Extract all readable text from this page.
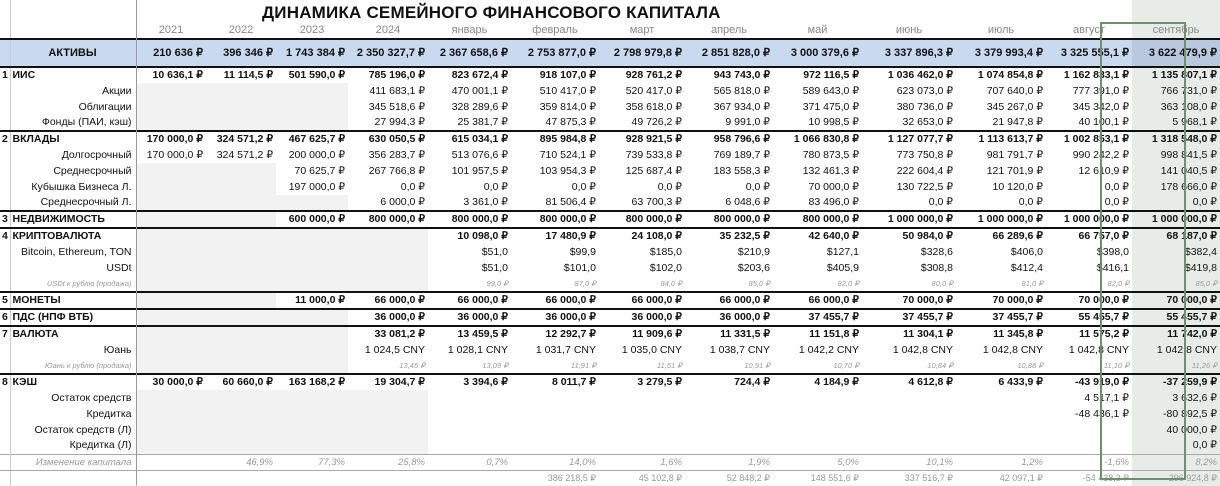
ДИНАМИКА СЕМЕЙНОГО ФИНАНСОВОГО КАПИТАЛА

		2021	2022	2023	2024	январь	февраль	март	апрель	май	июнь	июль	август	сентябрь
	АКТИВЫ	210 636 ₽	396 346 ₽	1 743 384 ₽	2 350 327,7 ₽	2 367 658,6 ₽	2 753 877,0 ₽	2 798 979,8 ₽	2 851 828,0 ₽	3 000 379,6 ₽	3 337 896,3 ₽	3 379 993,4 ₽	3 325 555,1 ₽	3 622 479,9 ₽
1	ИИС	10 636,1 ₽	11 114,5 ₽	501 590,0 ₽	785 196,0 ₽	823 672,4 ₽	918 107,0 ₽	928 761,2 ₽	943 743,0 ₽	972 116,5 ₽	1 036 462,0 ₽	1 074 854,8 ₽	1 162 833,1 ₽	1 135 807,1 ₽
	Акции				411 683,1 ₽	470 001,1 ₽	510 417,0 ₽	520 417,0 ₽	565 818,0 ₽	589 643,0 ₽	623 073,0 ₽	707 640,0 ₽	777 391,0 ₽	766 731,0 ₽
	Облигации				345 518,6 ₽	328 289,6 ₽	359 814,0 ₽	358 618,0 ₽	367 934,0 ₽	371 475,0 ₽	380 736,0 ₽	345 267,0 ₽	345 342,0 ₽	363 108,0 ₽
	Фонды (ПАИ, кэш)				27 994,3 ₽	25 381,7 ₽	47 875,3 ₽	49 726,2 ₽	9 991,0 ₽	10 998,5 ₽	32 653,0 ₽	21 947,8 ₽	40 100,1 ₽	5 968,1 ₽
2	ВКЛАДЫ	170 000,0 ₽	324 571,2 ₽	467 625,7 ₽	630 050,5 ₽	615 034,1 ₽	895 984,8 ₽	928 921,5 ₽	958 796,6 ₽	1 066 830,8 ₽	1 127 077,7 ₽	1 113 613,7 ₽	1 002 853,1 ₽	1 318 548,0 ₽
	Долгосрочный	170 000,0 ₽	324 571,2 ₽	200 000,0 ₽	356 283,7 ₽	513 076,6 ₽	710 524,1 ₽	739 533,8 ₽	769 189,7 ₽	780 873,5 ₽	773 750,8 ₽	981 791,7 ₽	990 242,2 ₽	998 841,5 ₽
	Среднесрочный			70 625,7 ₽	267 766,8 ₽	101 957,5 ₽	103 954,3 ₽	125 687,4 ₽	183 558,3 ₽	132 461,3 ₽	222 604,4 ₽	121 701,9 ₽	12 610,9 ₽	141 040,5 ₽
	Кубышка Бизнеса Л.			197 000,0 ₽	0,0 ₽	0,0 ₽	0,0 ₽	0,0 ₽	0,0 ₽	70 000,0 ₽	130 722,5 ₽	10 120,0 ₽	0,0 ₽	178 666,0 ₽
	Среднесрочный Л.				6 000,0 ₽	3 361,0 ₽	81 506,4 ₽	63 700,3 ₽	6 048,6 ₽	83 496,0 ₽	0,0 ₽	0,0 ₽	0,0 ₽	0,0 ₽
3	НЕДВИЖИМОСТЬ			600 000,0 ₽	800 000,0 ₽	800 000,0 ₽	800 000,0 ₽	800 000,0 ₽	800 000,0 ₽	800 000,0 ₽	1 000 000,0 ₽	1 000 000,0 ₽	1 000 000,0 ₽	1 000 000,0 ₽
4	КРИПТОВАЛЮТА					10 098,0 ₽	17 480,9 ₽	24 108,0 ₽	35 232,5 ₽	42 640,0 ₽	50 984,0 ₽	66 289,6 ₽	66 757,0 ₽	68 187,0 ₽
	Bitcoin, Ethereum, TON					$51,0	$99,9	$185,0	$210,9	$127,1	$328,6	$406,0	$398,0	$382,4
	USDt					$51,0	$101,0	$102,0	$203,6	$405,9	$308,8	$412,4	$416,1	$419,8
	USDt к рублю (продажа)					99,0 ₽	87,0 ₽	84,0 ₽	85,0 ₽	82,0 ₽	80,0 ₽	81,0 ₽	82,0 ₽	85,0 ₽
5	МОНЕТЫ			11 000,0 ₽	66 000,0 ₽	66 000,0 ₽	66 000,0 ₽	66 000,0 ₽	66 000,0 ₽	66 000,0 ₽	70 000,0 ₽	70 000,0 ₽	70 000,0 ₽	70 000,0 ₽
6	ПДС (НПФ ВТБ)				36 000,0 ₽	36 000,0 ₽	36 000,0 ₽	36 000,0 ₽	36 000,0 ₽	37 455,7 ₽	37 455,7 ₽	37 455,7 ₽	55 455,7 ₽	55 455,7 ₽
7	ВАЛЮТА				33 081,2 ₽	13 459,5 ₽	12 292,7 ₽	11 909,6 ₽	11 331,5 ₽	11 151,8 ₽	11 304,1 ₽	11 345,8 ₽	11 575,2 ₽	11 742,0 ₽
	Юань				1 024,5 CNY	1 028,1 CNY	1 031,7 CNY	1 035,0 CNY	1 038,7 CNY	1 042,2 CNY	1 042,8 CNY	1 042,8 CNY	1 042,8 CNY	1 042,8 CNY
	Юань к рублю (продажа)				13,45 ₽	13,09 ₽	11,91 ₽	11,51 ₽	10,91 ₽	10,70 ₽	10,84 ₽	10,88 ₽	11,10 ₽	11,26 ₽
8	КЭШ	30 000,0 ₽	60 660,0 ₽	163 168,2 ₽	19 304,7 ₽	3 394,6 ₽	8 011,7 ₽	3 279,5 ₽	724,4 ₽	4 184,9 ₽	4 612,8 ₽	6 433,9 ₽	-43 919,0 ₽	-37 259,9 ₽
	Остаток средств												4 517,1 ₽	3 632,6 ₽
	Кредитка												-48 436,1 ₽	-80 892,5 ₽
	Остаток средств (Л)													40 000,0 ₽
	Кредитка (Л)													0,0 ₽
	Изменение капитала		46,9%	77,3%	25,8%	0,7%	14,0%	1,6%	1,9%	5,0%	10,1%	1,2%	-1,6%	8,2%
							386 218,5 ₽	45 102,8 ₽	52 848,2 ₽	148 551,6 ₽	337 516,7 ₽	42 097,1 ₽	-54 438,3 ₽	296 924,8 ₽
